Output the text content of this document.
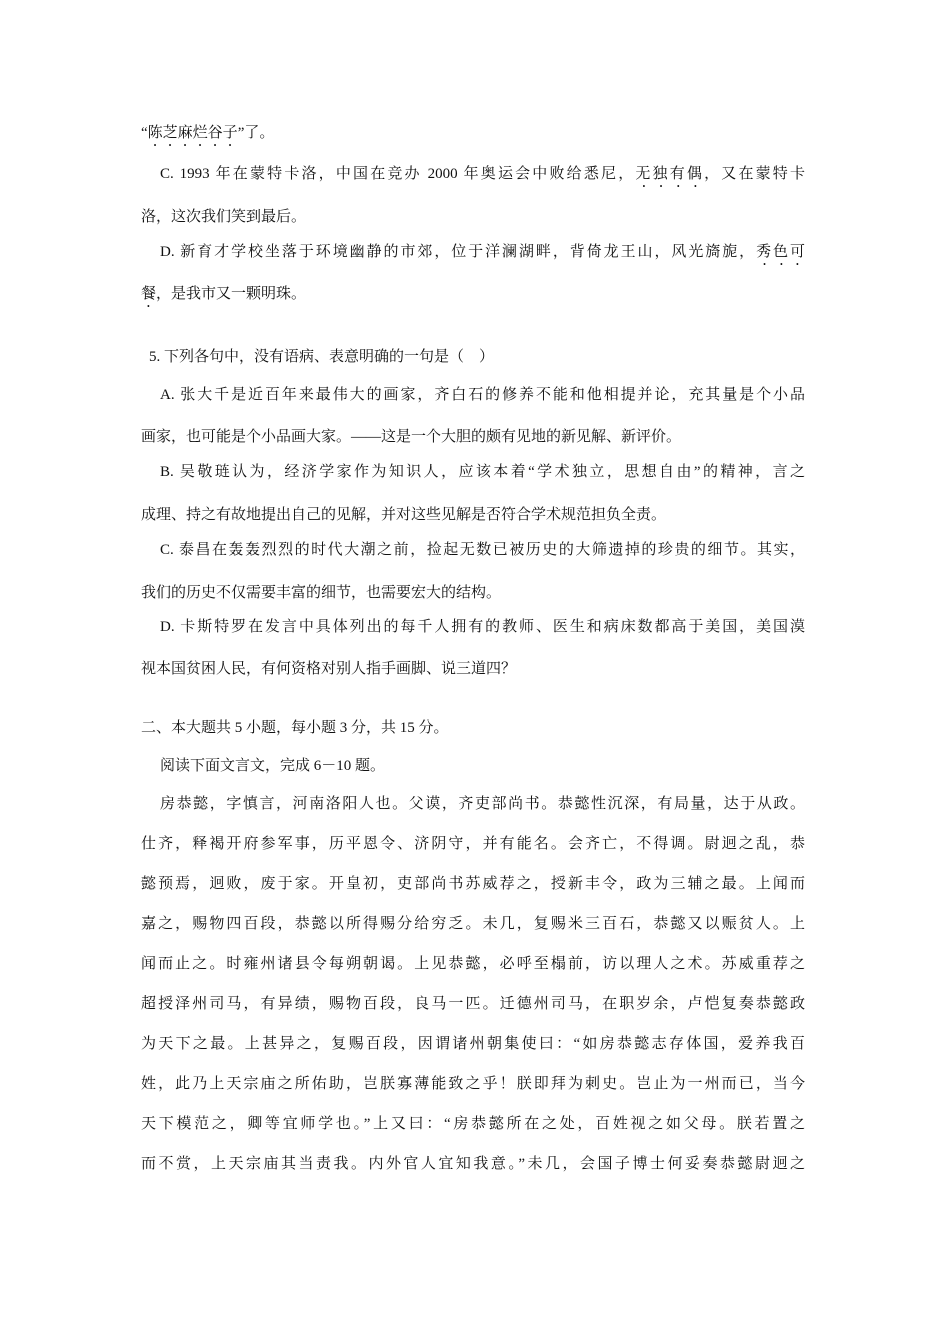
“陈芝麻烂谷子”了。
C. 1993 年在蒙特卡洛，中国在竞办 2000 年奥运会中败给悉尼，无独有偶，又在蒙特卡
洛，这次我们笑到最后。
D. 新育才学校坐落于环境幽静的市郊，位于洋澜湖畔，背倚龙王山，风光旖旎，秀色可
餐，是我市又一颗明珠。
5. 下列各句中，没有语病、表意明确的一句是（　）
A. 张大千是近百年来最伟大的画家，齐白石的修养不能和他相提并论，充其量是个小品
画家，也可能是个小品画大家。——这是一个大胆的颇有见地的新见解、新评价。
B. 吴敬琏认为，经济学家作为知识人，应该本着“学术独立，思想自由”的精神，言之
成理、持之有故地提出自己的见解，并对这些见解是否符合学术规范担负全责。
C. 泰昌在轰轰烈烈的时代大潮之前，捡起无数已被历史的大筛遗掉的珍贵的细节。其实，
我们的历史不仅需要丰富的细节，也需要宏大的结构。
D. 卡斯特罗在发言中具体列出的每千人拥有的教师、医生和病床数都高于美国，美国漠
视本国贫困人民，有何资格对别人指手画脚、说三道四？
二、本大题共 5 小题，每小题 3 分，共 15 分。
阅读下面文言文，完成 6－10 题。
房恭懿，字慎言，河南洛阳人也。父谟，齐吏部尚书。恭懿性沉深，有局量，达于从政。
仕齐，释褐开府参军事，历平恩令、济阴守，并有能名。会齐亡，不得调。尉迥之乱，恭
懿预焉，迥败，废于家。开皇初，吏部尚书苏威荐之，授新丰令，政为三辅之最。上闻而
嘉之，赐物四百段，恭懿以所得赐分给穷乏。未几，复赐米三百石，恭懿又以赈贫人。上
闻而止之。时雍州诸县令每朔朝谒。上见恭懿，必呼至榻前，访以理人之术。苏威重荐之
超授泽州司马，有异绩，赐物百段，良马一匹。迁德州司马，在职岁余，卢恺复奏恭懿政
为天下之最。上甚异之，复赐百段，因谓诸州朝集使曰：“如房恭懿志存体国，爱养我百
姓，此乃上天宗庙之所佑助，岂朕寡薄能致之乎！朕即拜为刺史。岂止为一州而已，当今
天下模范之，卿等宜师学也。”上又曰：“房恭懿所在之处，百姓视之如父母。朕若置之
而不赏，上天宗庙其当责我。内外官人宜知我意。”未几，会国子博士何妥奏恭懿尉迥之
